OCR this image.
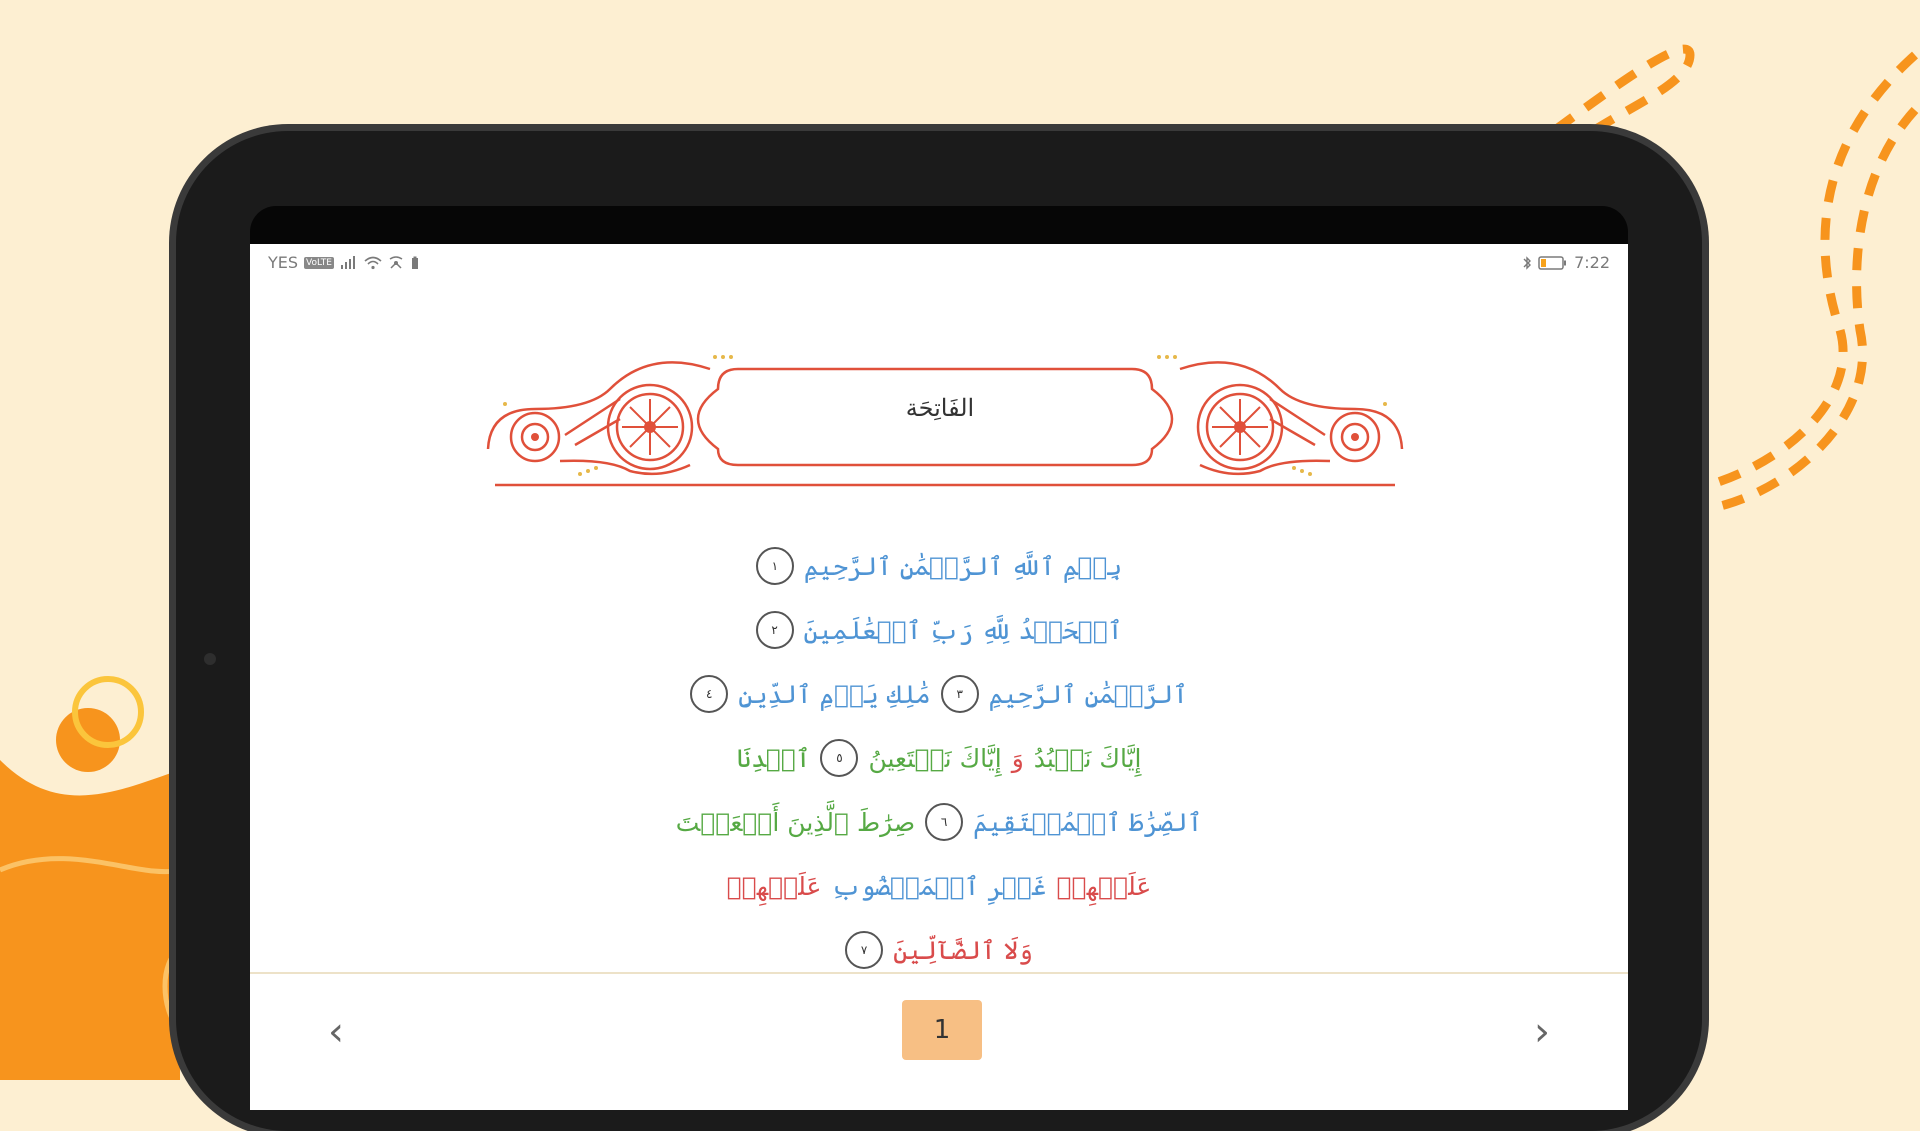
YES VoLTE	7:22
الفَاتِحَة
بِسۡمِ ٱللَّهِ ٱلرَّحۡمَٰنِ ٱلرَّحِيمِ
١
ٱلۡحَمۡدُ لِلَّهِ رَبِّ ٱلۡعَٰلَمِينَ
٢
ٱلرَّحۡمَٰنِ ٱلرَّحِيمِ
٣
مَٰلِكِ يَوۡمِ ٱلدِّينِ
٤
إِيَّاكَ نَعۡبُدُ
وَ
إِيَّاكَ نَسۡتَعِينُ
٥
ٱهۡدِنَا
ٱلصِّرَٰطَ ٱلۡمُسۡتَقِيمَ
٦
صِرَٰطَ ٱلَّذِينَ أَنۡعَمۡتَ
عَلَيۡهِمۡ
غَيۡرِ ٱلۡمَغۡضُوبِ
عَلَيۡهِمۡ
وَلَا ٱلضَّآلِّينَ
٧
‹	1	›
